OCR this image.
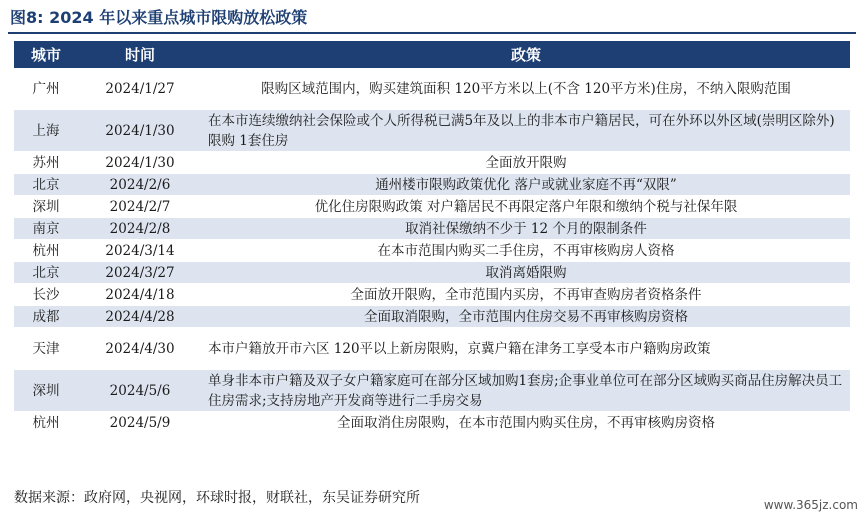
图8: 2024 年以来重点城市限购放松政策
城市	时间	政策
广州	2024/1/27	限购区域范围内，购买建筑面积 120平方米以上(不含 120平方米)住房，不纳入限购范围
上海	2024/1/30	在本市连续缴纳社会保险或个人所得税已满5年及以上的非本市户籍居民，可在外环以外区域(崇明区除外)限购 1套住房
苏州	2024/1/30	全面放开限购
北京	2024/2/6	通州楼市限购政策优化 落户或就业家庭不再“双限”
深圳	2024/2/7	优化住房限购政策 对户籍居民不再限定落户年限和缴纳个税与社保年限
南京	2024/2/8	取消社保缴纳不少于 12 个月的限制条件
杭州	2024/3/14	在本市范围内购买二手住房，不再审核购房人资格
北京	2024/3/27	取消离婚限购
长沙	2024/4/18	全面放开限购，全市范围内买房，不再审查购房者资格条件
成都	2024/4/28	全面取消限购，全市范围内住房交易不再审核购房资格
天津	2024/4/30	本市户籍放开市六区 120平以上新房限购，京冀户籍在津务工享受本市户籍购房政策
深圳	2024/5/6	单身非本市户籍及双子女户籍家庭可在部分区域加购1套房;企事业单位可在部分区域购买商品住房解决员工住房需求;支持房地产开发商等进行二手房交易
杭州	2024/5/9	全面取消住房限购，在本市范围内购买住房，不再审核购房资格
数据来源：政府网，央视网，环球时报，财联社，东吴证券研究所	www.365jz.com
